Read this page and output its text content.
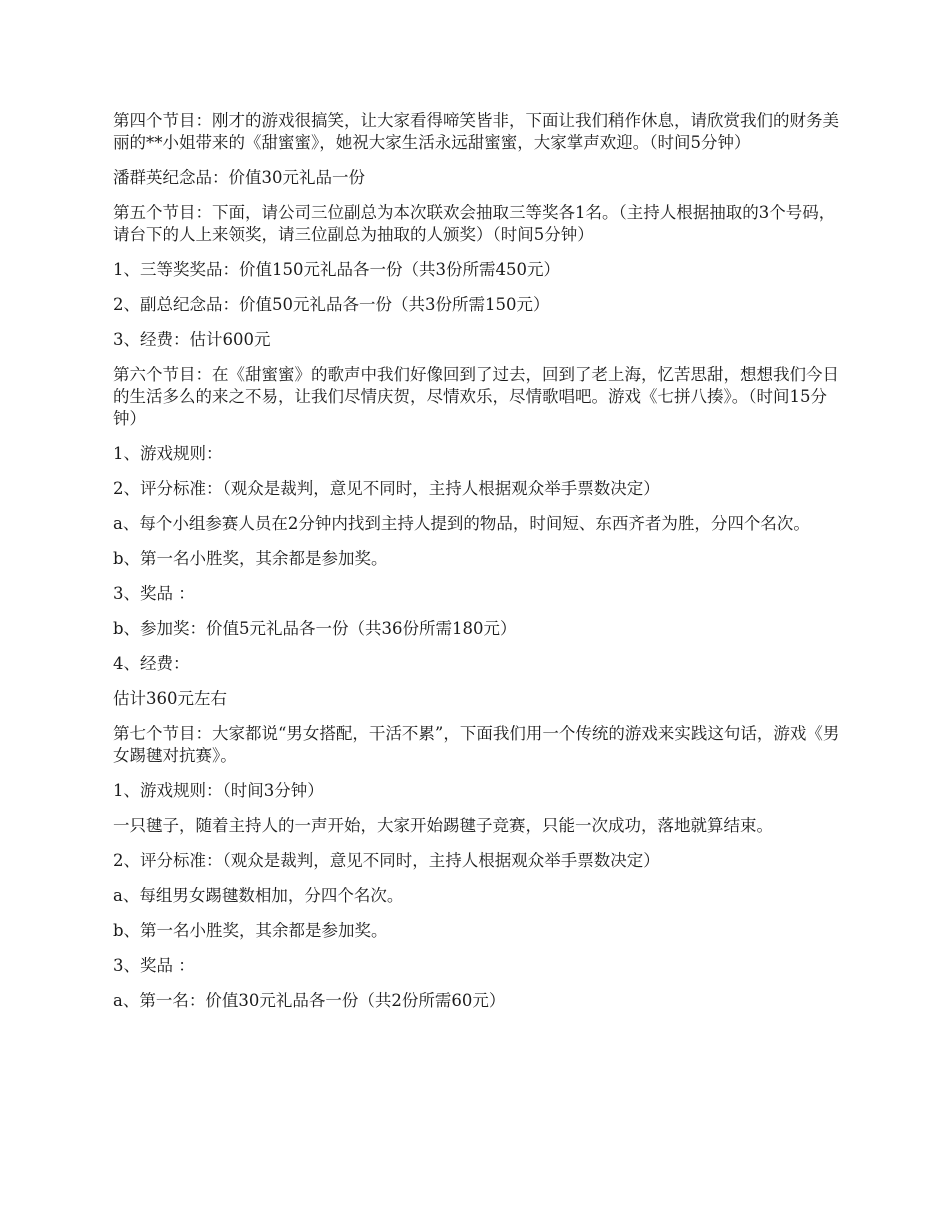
第四个节目：刚才的游戏很搞笑，让大家看得啼笑皆非，下面让我们稍作休息，请欣赏我们的财务美丽的**小姐带来的《甜蜜蜜》，她祝大家生活永远甜蜜蜜，大家掌声欢迎。（时间5分钟）

潘群英纪念品：价值30元礼品一份

第五个节目：下面，请公司三位副总为本次联欢会抽取三等奖各1名。（主持人根据抽取的3个号码，请台下的人上来领奖，请三位副总为抽取的人颁奖）（时间5分钟）

1、三等奖奖品：价值150元礼品各一份（共3份所需450元）

2、副总纪念品：价值50元礼品各一份（共3份所需150元）

3、经费：估计600元

第六个节目：在《甜蜜蜜》的歌声中我们好像回到了过去，回到了老上海，忆苦思甜，想想我们今日的生活多么的来之不易，让我们尽情庆贺，尽情欢乐，尽情歌唱吧。游戏《七拼八揍》。（时间15分钟）

1、游戏规则：

2、评分标准：（观众是裁判，意见不同时，主持人根据观众举手票数决定）

a、每个小组参赛人员在2分钟内找到主持人提到的物品，时间短、东西齐者为胜，分四个名次。

b、第一名小胜奖，其余都是参加奖。

3、奖品 ：

b、参加奖：价值5元礼品各一份（共36份所需180元）

4、经费：

估计360元左右

第七个节目：大家都说“男女搭配，干活不累”，下面我们用一个传统的游戏来实践这句话，游戏《男女踢毽对抗赛》。

1、游戏规则：（时间3分钟）

一只毽子，随着主持人的一声开始，大家开始踢毽子竞赛，只能一次成功，落地就算结束。

2、评分标准：（观众是裁判，意见不同时，主持人根据观众举手票数决定）

a、每组男女踢毽数相加，分四个名次。

b、第一名小胜奖，其余都是参加奖。

3、奖品 ：

a、第一名：价值30元礼品各一份（共2份所需60元）
